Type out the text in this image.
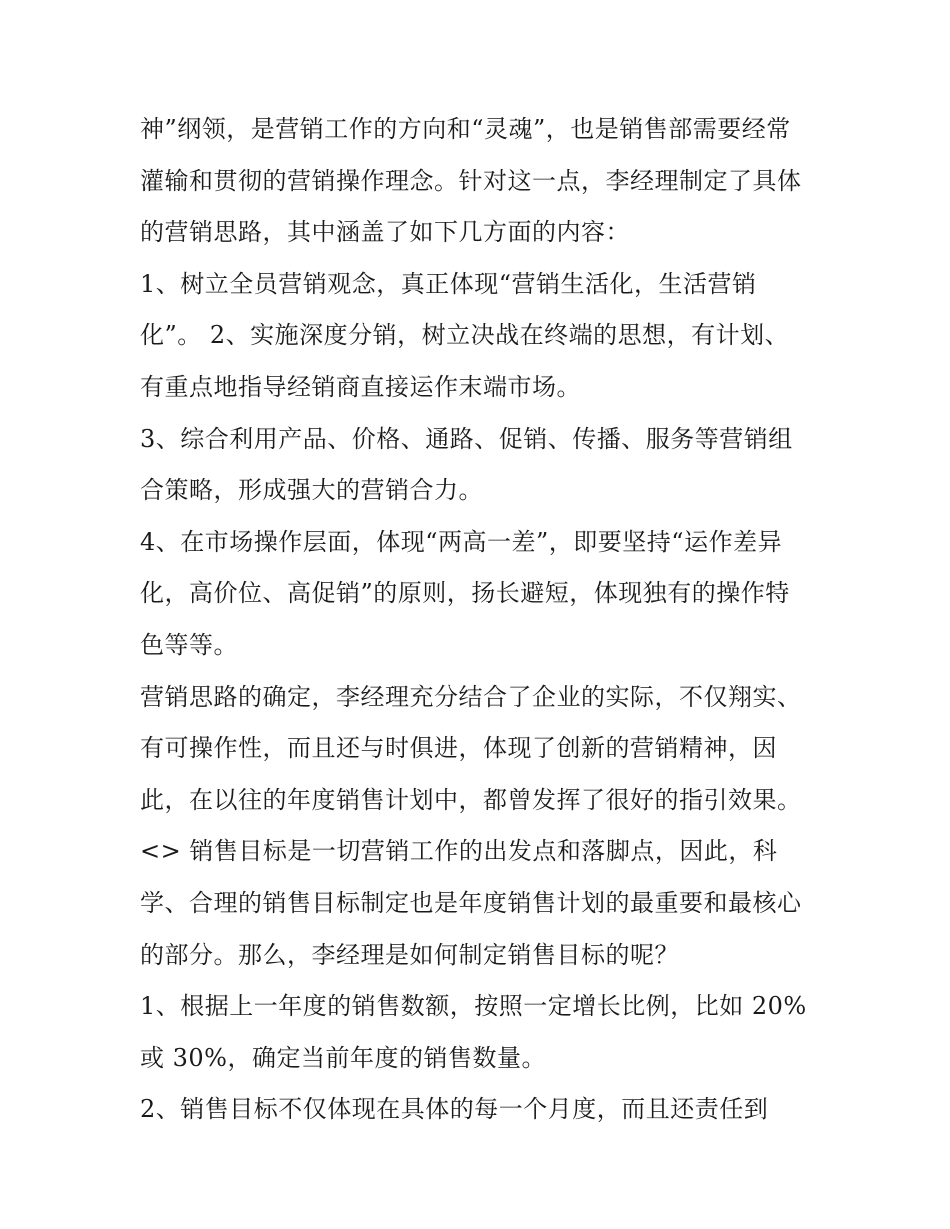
神”纲领，是营销工作的方向和“灵魂”，也是销售部需要经常
灌输和贯彻的营销操作理念。针对这一点，李经理制定了具体
的营销思路，其中涵盖了如下几方面的内容：
1、树立全员营销观念，真正体现“营销生活化，生活营销
化”。 2、实施深度分销，树立决战在终端的思想，有计划、
有重点地指导经销商直接运作末端市场。
3、综合利用产品、价格、通路、促销、传播、服务等营销组
合策略，形成强大的营销合力。
4、在市场操作层面，体现“两高一差”，即要坚持“运作差异
化，高价位、高促销”的原则，扬长避短，体现独有的操作特
色等等。
营销思路的确定，李经理充分结合了企业的实际，不仅翔实、
有可操作性，而且还与时俱进，体现了创新的营销精神，因
此，在以往的年度销售计划中，都曾发挥了很好的指引效果。
<> 销售目标是一切营销工作的出发点和落脚点，因此，科
学、合理的销售目标制定也是年度销售计划的最重要和最核心
的部分。那么，李经理是如何制定销售目标的呢？
1、根据上一年度的销售数额，按照一定增长比例，比如 20%
或 30%，确定当前年度的销售数量。
2、销售目标不仅体现在具体的每一个月度，而且还责任到
